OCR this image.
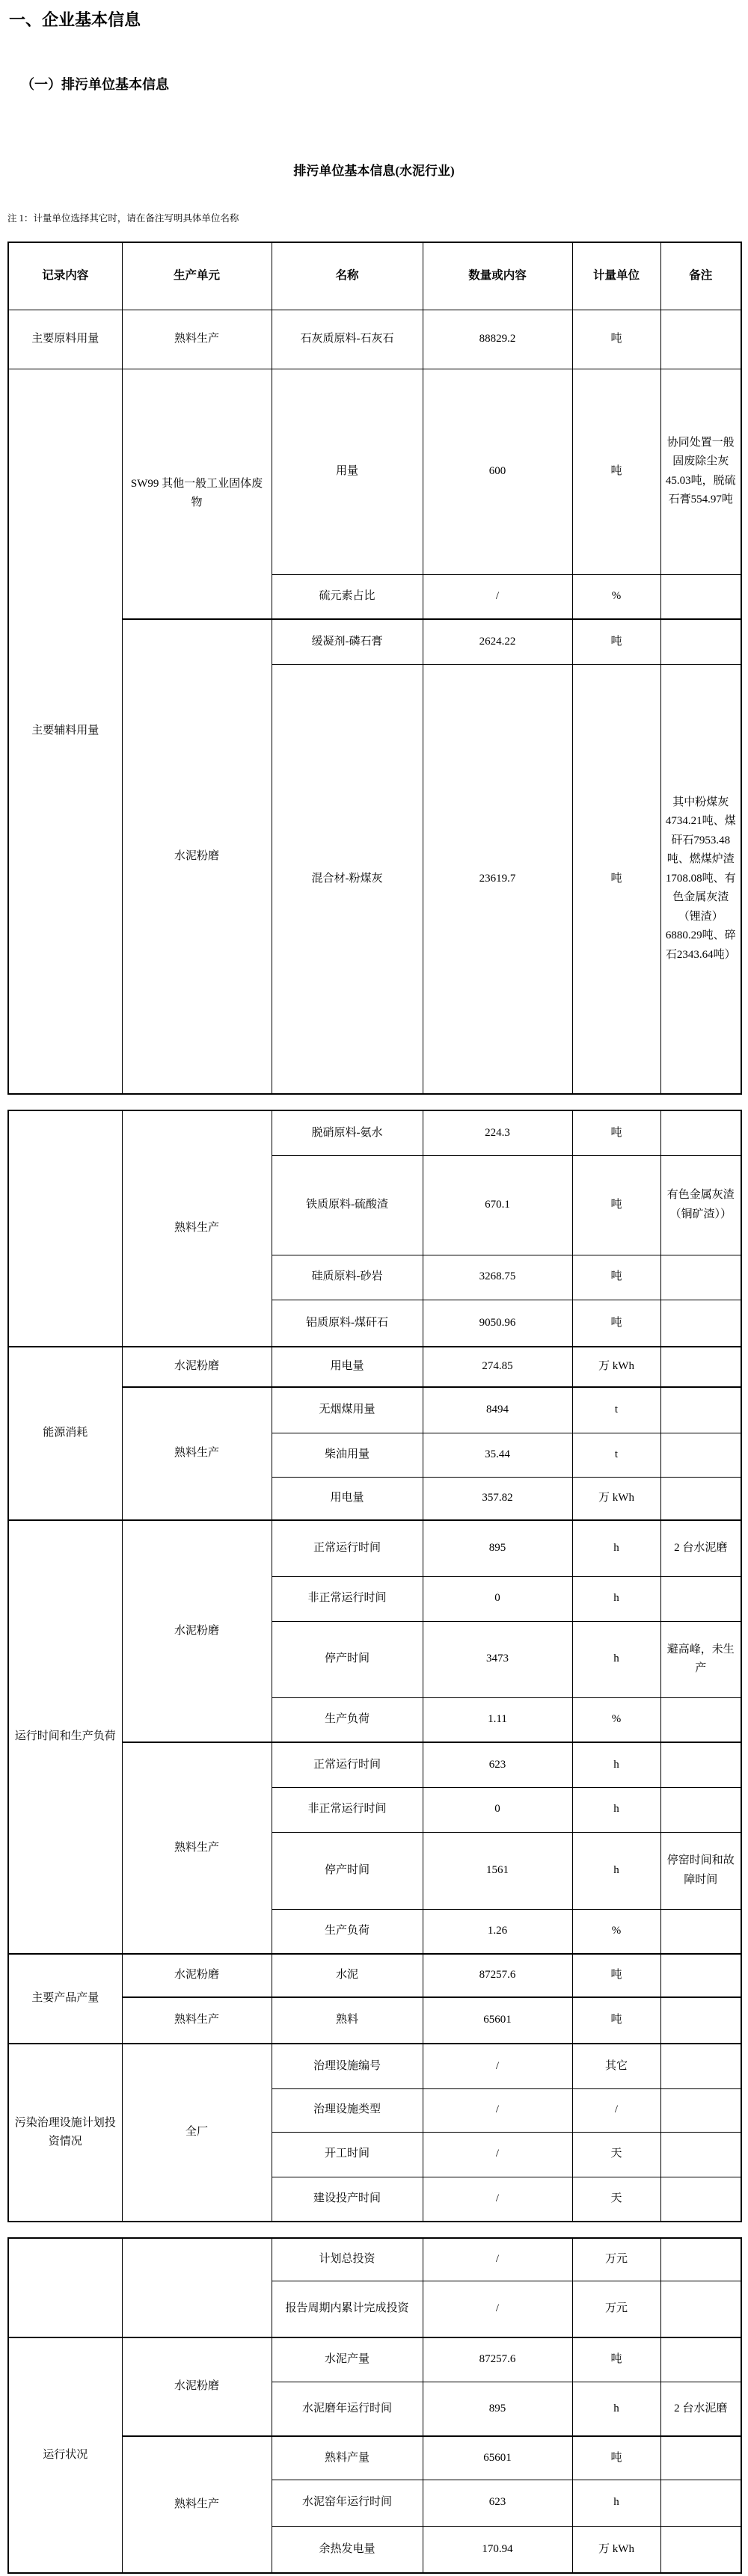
一、企业基本信息
（一）排污单位基本信息
排污单位基本信息(水泥行业)
注 1：计量单位选择其它时，请在备注写明具体单位名称
记录内容	生产单元	名称	数量或内容	计量单位	备注
主要原料用量	熟料生产	石灰质原料-石灰石	88829.2	吨	
主要辅料用量	SW99 其他一般工业固体废物	用量	600	吨	协同处置一般固废除尘灰45.03吨，脱硫石膏554.97吨
		硫元素占比	/	%	
	水泥粉磨	缓凝剂-磷石膏	2624.22	吨	
		混合材-粉煤灰	23619.7	吨	其中粉煤灰4734.21吨、煤矸石7953.48吨、燃煤炉渣1708.08吨、有色金属灰渣（锂渣）6880.29吨、碎石2343.64吨）
	熟料生产	脱硝原料-氨水	224.3	吨	
		铁质原料-硫酸渣	670.1	吨	有色金属灰渣（铜矿渣））
		硅质原料-砂岩	3268.75	吨	
		铝质原料-煤矸石	9050.96	吨	
能源消耗	水泥粉磨	用电量	274.85	万 kWh	
	熟料生产	无烟煤用量	8494	t	
		柴油用量	35.44	t	
		用电量	357.82	万 kWh	
运行时间和生产负荷	水泥粉磨	正常运行时间	895	h	2 台水泥磨
		非正常运行时间	0	h	
		停产时间	3473	h	避高峰，未生产
		生产负荷	1.11	%	
	熟料生产	正常运行时间	623	h	
		非正常运行时间	0	h	
		停产时间	1561	h	停窑时间和故障时间
		生产负荷	1.26	%	
主要产品产量	水泥粉磨	水泥	87257.6	吨	
	熟料生产	熟料	65601	吨	
污染治理设施计划投资情况	全厂	治理设施编号	/	其它	
		治理设施类型	/	/	
		开工时间	/	天	
		建设投产时间	/	天	
		计划总投资	/	万元	
		报告周期内累计完成投资	/	万元	
运行状况	水泥粉磨	水泥产量	87257.6	吨	
		水泥磨年运行时间	895	h	2 台水泥磨
	熟料生产	熟料产量	65601	吨	
		水泥窑年运行时间	623	h	
		余热发电量	170.94	万 kWh	
